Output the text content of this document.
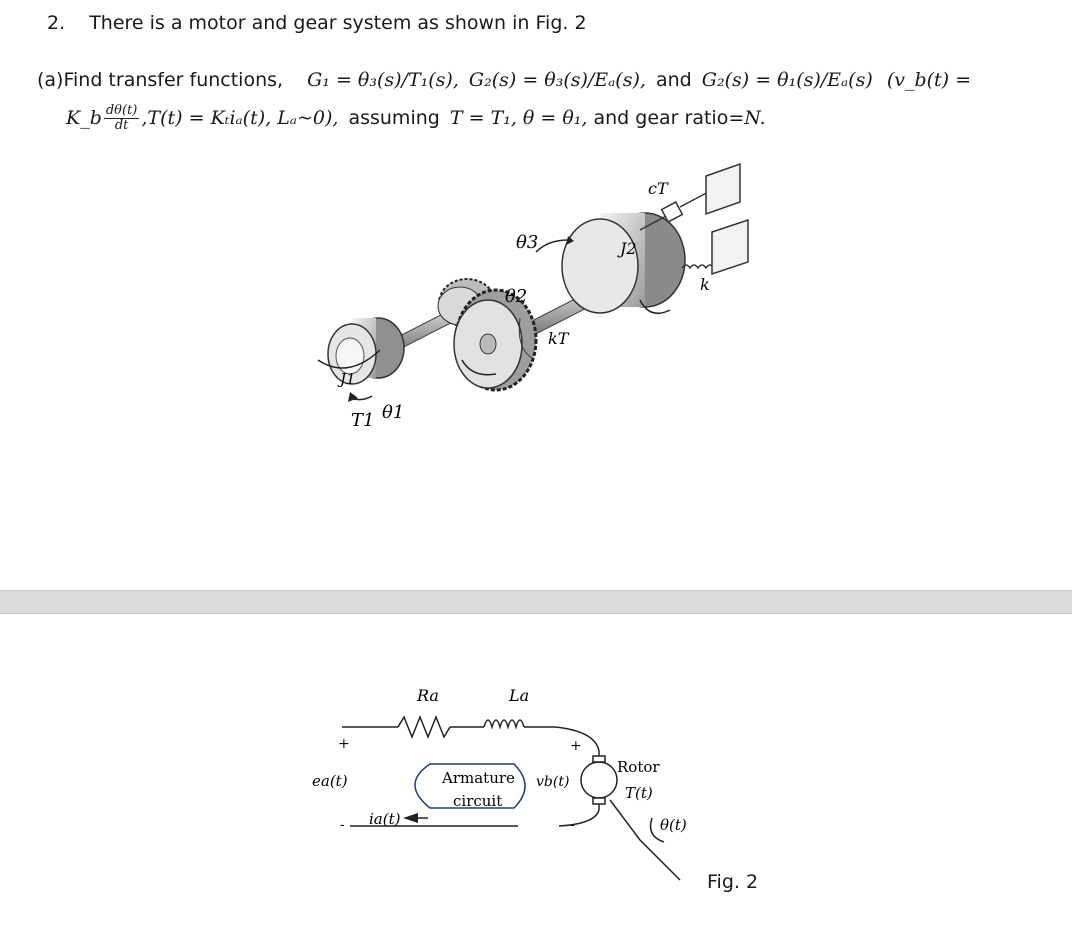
2. There is a motor and gear system as shown in Fig. 2
(a)Find transfer functions, G₁ = θ₃(s)/T₁(s), G₂(s) = θ₃(s)/Eₐ(s), and G₂(s) = θ₁(s)/Eₐ(s) (v_b(t) =
K_b $\frac{d\theta(t)}{dt} ,T(t) = K_ti_a(t)$, Lₐ~0), assuming T = T₁, θ = θ₁, and gear ratio=N.
θ3
θ2
θ1
T1
J1
J2
kT
cT
k
Ra	La
+
ea(t)
- ia(t)
Armature
circuit
+
vb(t)
-
Rotor
T(t)
θ(t)
Fig. 2
